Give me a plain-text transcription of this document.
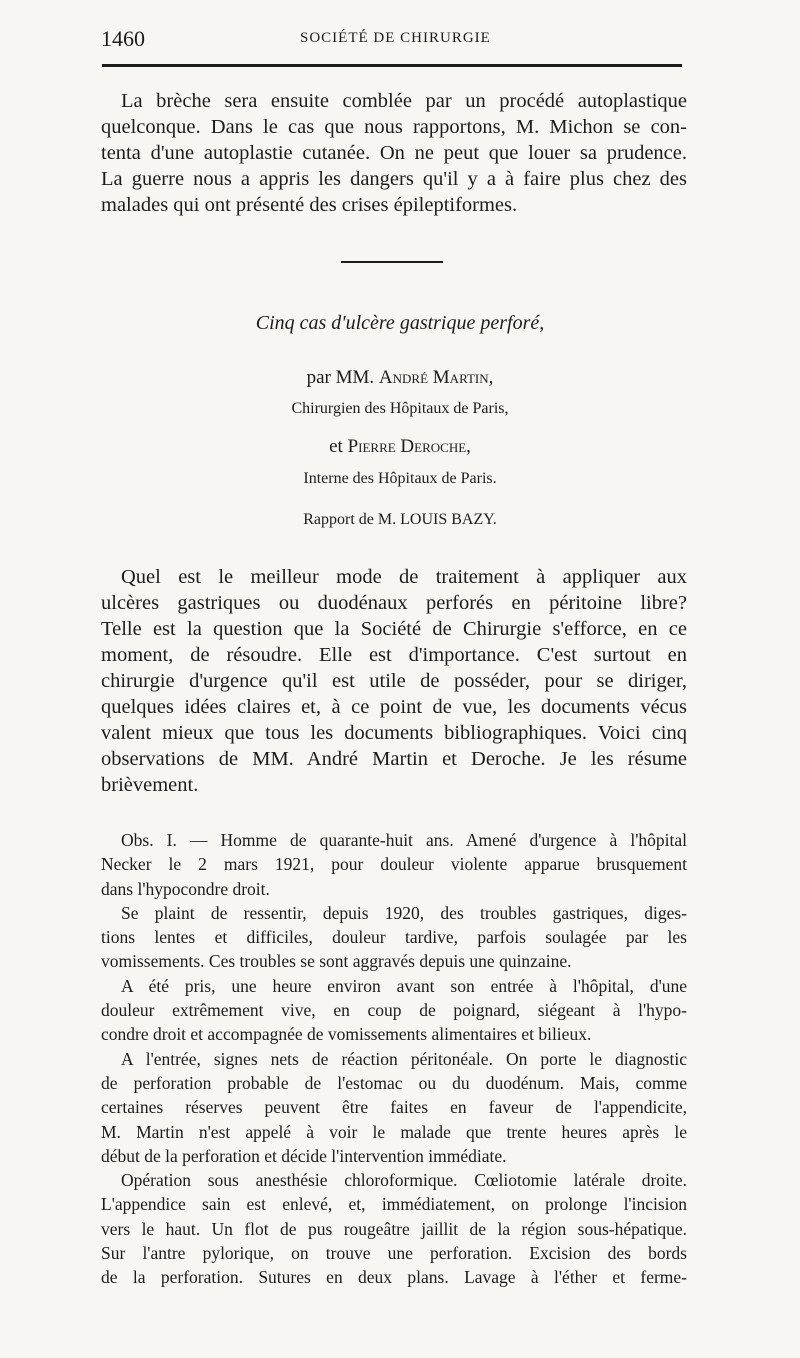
1460	SOCIÉTÉ DE CHIRURGIE
La brèche sera ensuite comblée par un procédé autoplastique
quelconque. Dans le cas que nous rapportons, M. Michon se con-
tenta d'une autoplastie cutanée. On ne peut que louer sa prudence.
La guerre nous a appris les dangers qu'il y a à faire plus chez des
malades qui ont présenté des crises épileptiformes.
Cinq cas d'ulcère gastrique perforé,
par MM. André Martin,
Chirurgien des Hôpitaux de Paris,
et Pierre Deroche,
Interne des Hôpitaux de Paris.
Rapport de M. LOUIS BAZY.
Quel est le meilleur mode de traitement à appliquer aux
ulcères gastriques ou duodénaux perforés en péritoine libre?
Telle est la question que la Société de Chirurgie s'efforce, en ce
moment, de résoudre. Elle est d'importance. C'est surtout en
chirurgie d'urgence qu'il est utile de posséder, pour se diriger,
quelques idées claires et, à ce point de vue, les documents vécus
valent mieux que tous les documents bibliographiques. Voici cinq
observations de MM. André Martin et Deroche. Je les résume
brièvement.
Obs. I. — Homme de quarante-huit ans. Amené d'urgence à l'hôpital
Necker le 2 mars 1921, pour douleur violente apparue brusquement
dans l'hypocondre droit.
Se plaint de ressentir, depuis 1920, des troubles gastriques, diges-
tions lentes et difficiles, douleur tardive, parfois soulagée par les
vomissements. Ces troubles se sont aggravés depuis une quinzaine.
A été pris, une heure environ avant son entrée à l'hôpital, d'une
douleur extrêmement vive, en coup de poignard, siégeant à l'hypo-
condre droit et accompagnée de vomissements alimentaires et bilieux.
A l'entrée, signes nets de réaction péritonéale. On porte le diagnostic
de perforation probable de l'estomac ou du duodénum. Mais, comme
certaines réserves peuvent être faites en faveur de l'appendicite,
M. Martin n'est appelé à voir le malade que trente heures après le
début de la perforation et décide l'intervention immédiate.
Opération sous anesthésie chloroformique. Cœliotomie latérale droite.
L'appendice sain est enlevé, et, immédiatement, on prolonge l'incision
vers le haut. Un flot de pus rougeâtre jaillit de la région sous-hépatique.
Sur l'antre pylorique, on trouve une perforation. Excision des bords
de la perforation. Sutures en deux plans. Lavage à l'éther et ferme-
